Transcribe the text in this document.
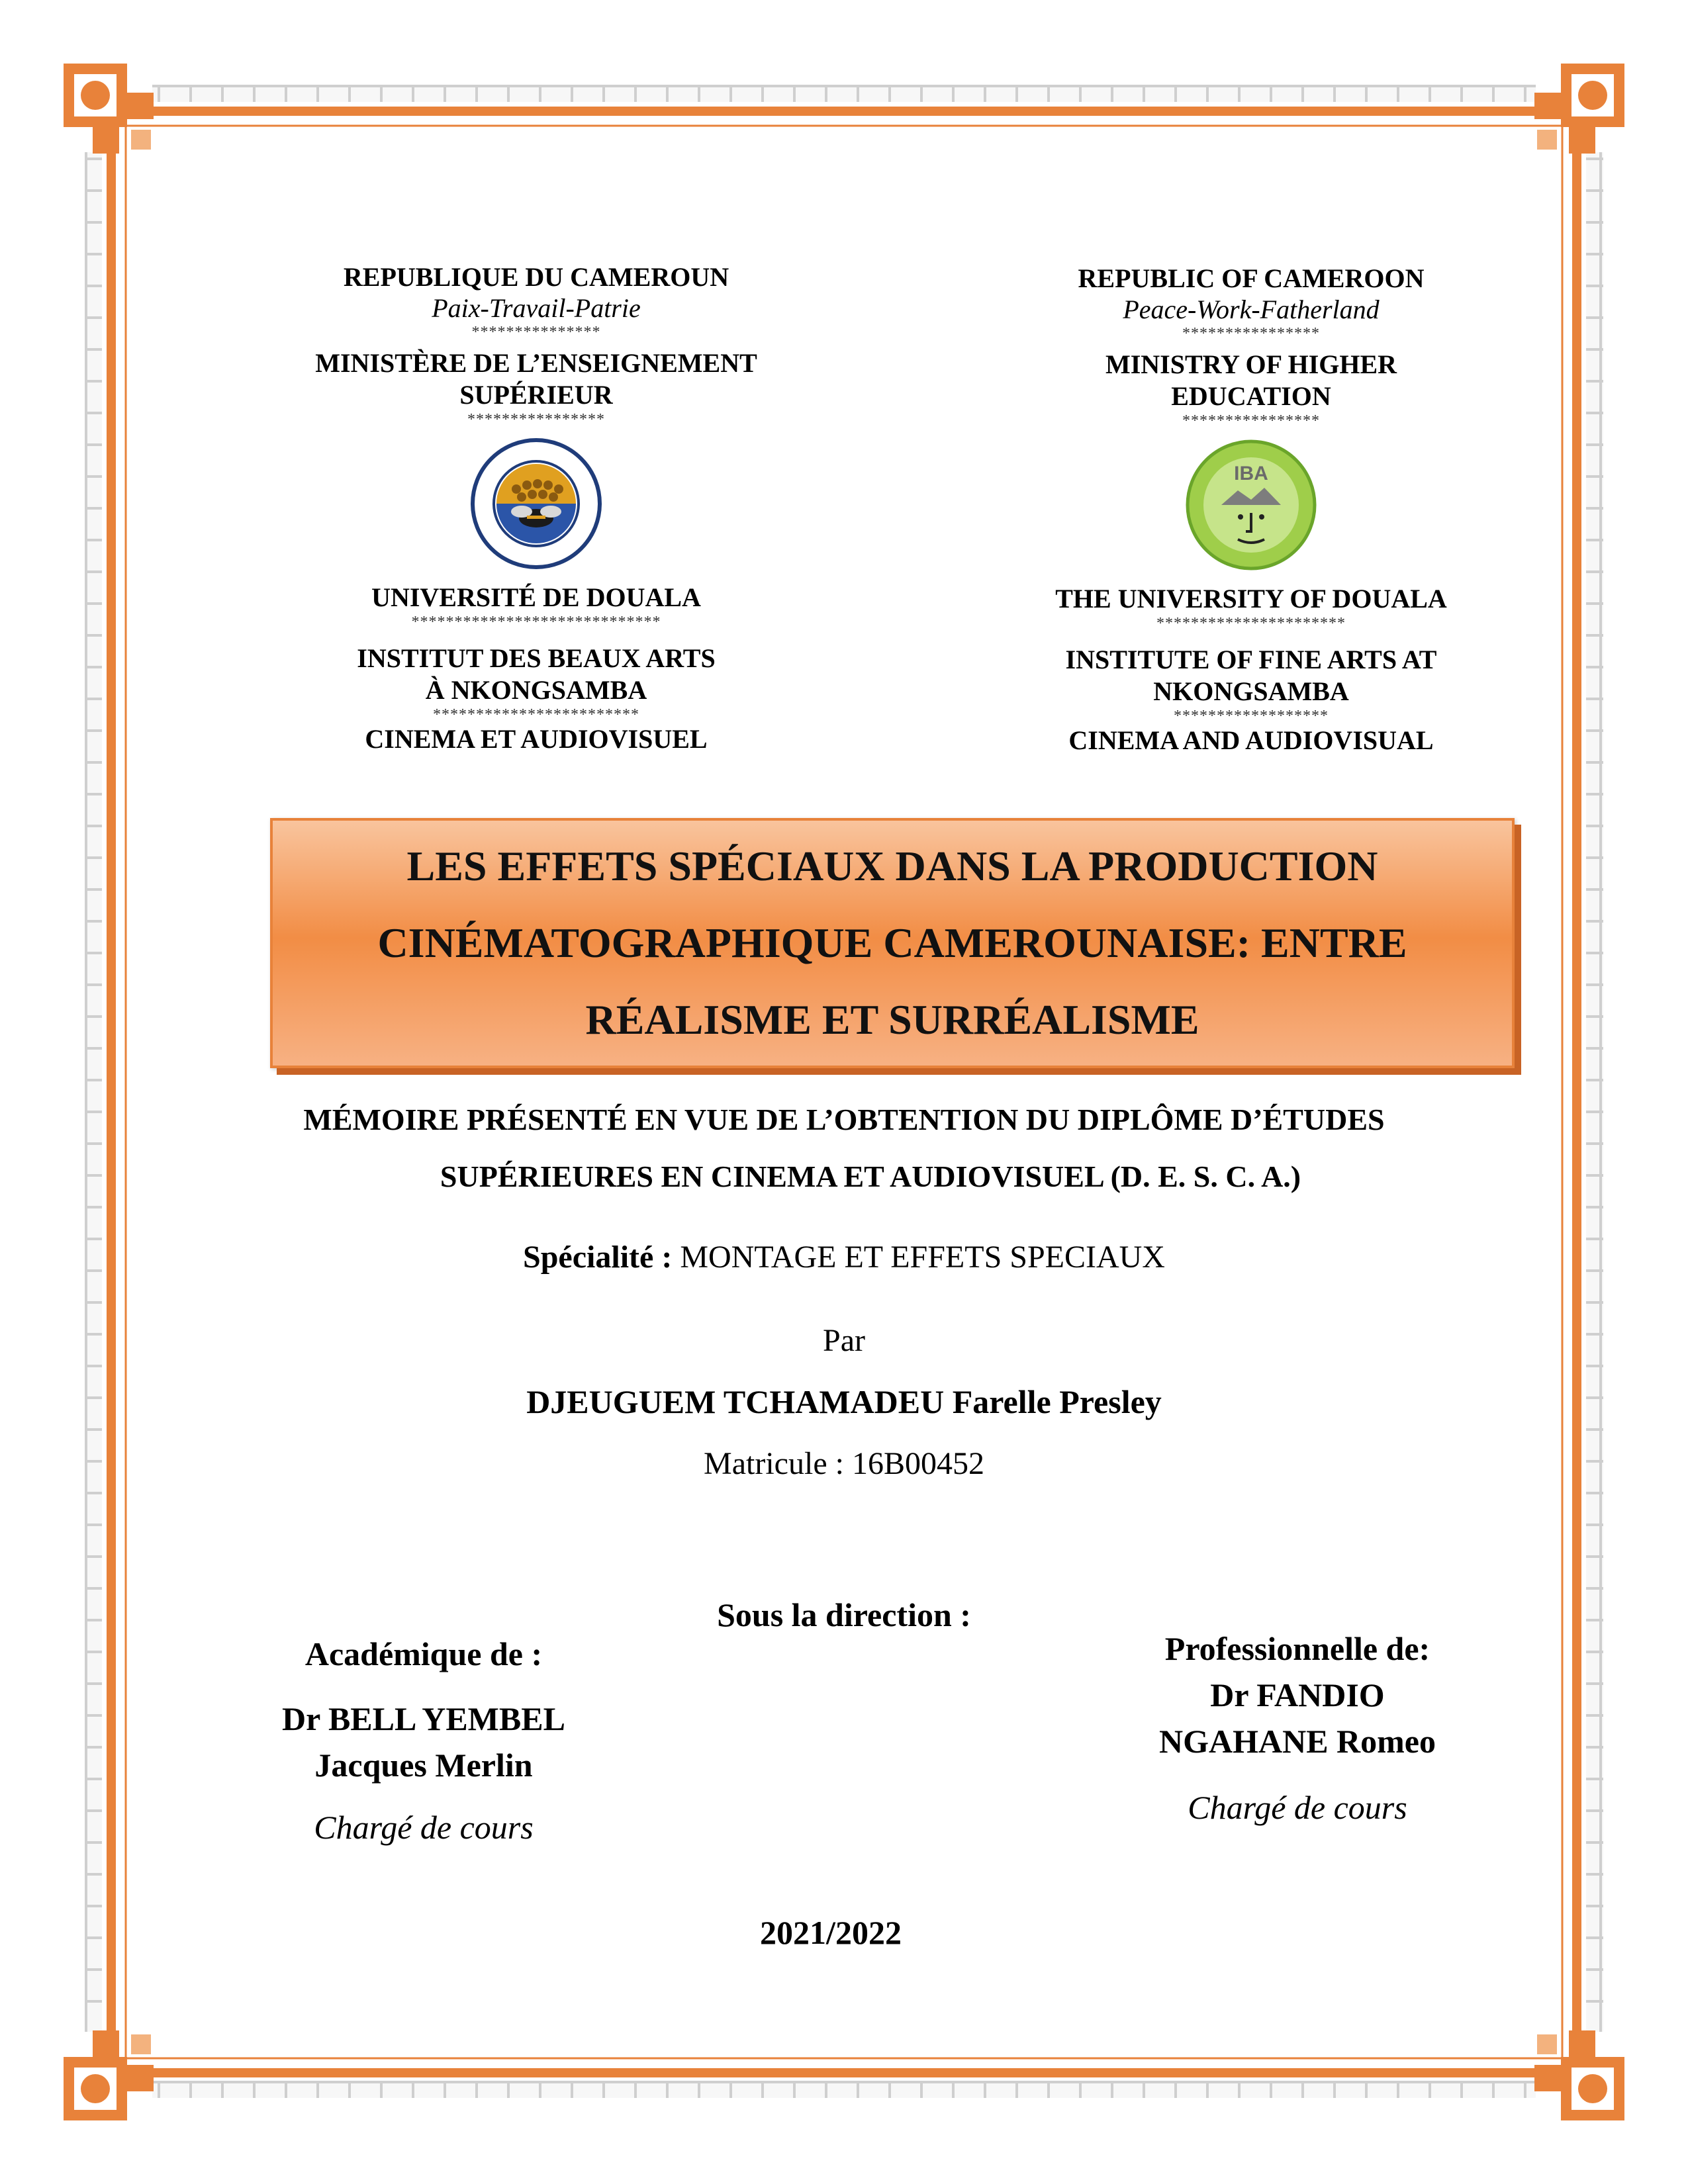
REPUBLIQUE DU CAMEROUN
Paix-Travail-Patrie
***************
MINISTÈRE DE L’ENSEIGNEMENT
SUPÉRIEUR
****************
UNIVERSITÉ DE DOUALA
*****************************
INSTITUT DES BEAUX ARTS
À NKONGSAMBA
************************
CINEMA ET AUDIOVISUEL
REPUBLIC OF CAMEROON
Peace-Work-Fatherland
****************
MINISTRY OF HIGHER
EDUCATION
****************
IBA
THE UNIVERSITY OF DOUALA
**********************
INSTITUTE OF FINE ARTS AT
NKONGSAMBA
******************
CINEMA AND AUDIOVISUAL
LES EFFETS SPÉCIAUX DANS LA PRODUCTION
CINÉMATOGRAPHIQUE CAMEROUNAISE: ENTRE
RÉALISME ET SURRÉALISME
MÉMOIRE PRÉSENTÉ EN VUE DE L’OBTENTION DU DIPLÔME D’ÉTUDES
SUPÉRIEURES EN CINEMA ET AUDIOVISUEL (D. E. S. C. A.)
Spécialité : MONTAGE ET EFFETS SPECIAUX
Par
DJEUGUEM TCHAMADEU Farelle Presley
Matricule : 16B00452
Sous la direction :
Académique de :
Dr BELL YEMBEL
Jacques Merlin
Chargé de cours
Professionnelle de:
Dr FANDIO
NGAHANE Romeo
Chargé de cours
2021/2022
